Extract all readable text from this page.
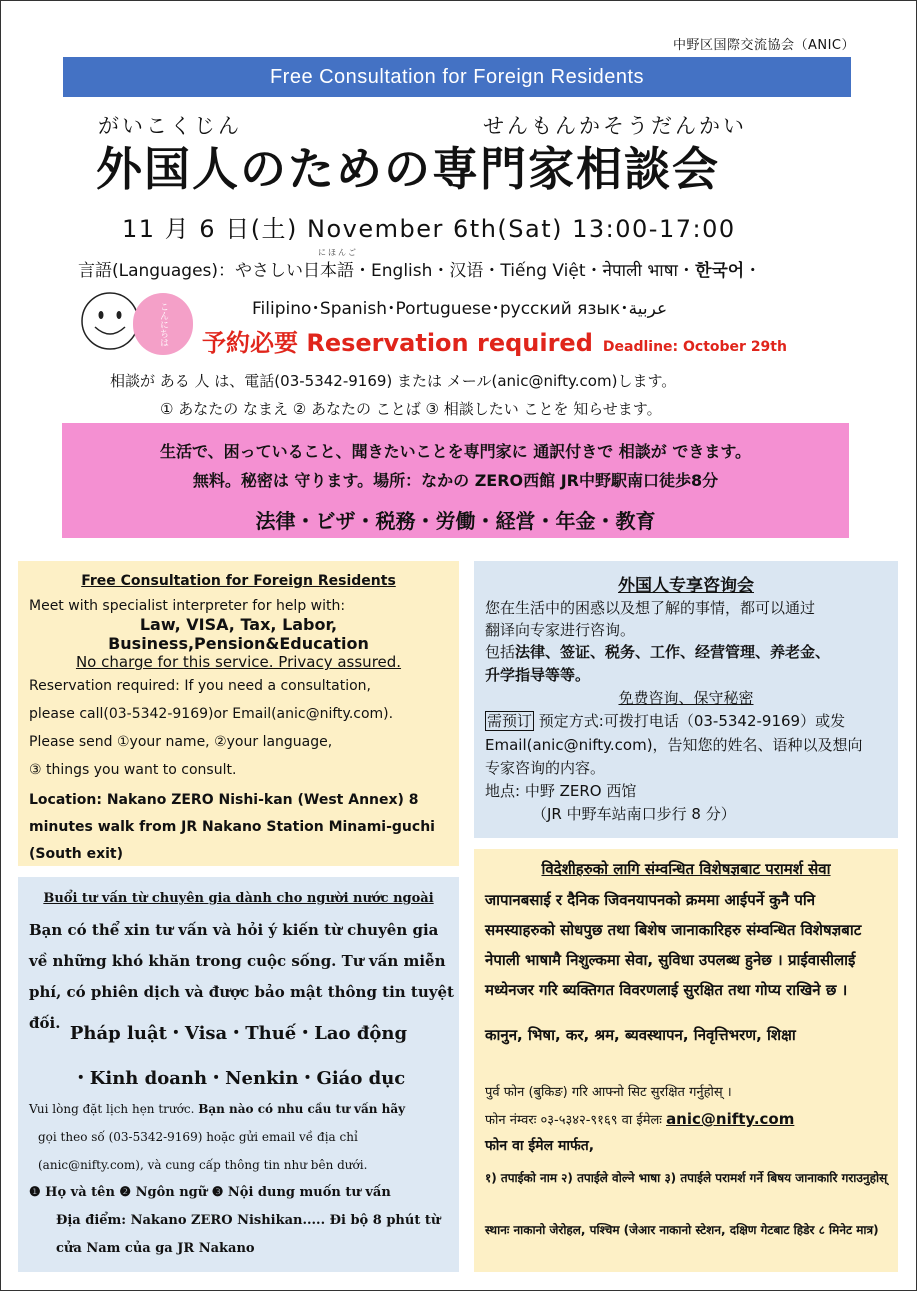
中野区国際交流協会（ANIC）
Free Consultation for Foreign Residents
がいこくじん	せんもんかそうだんかい
外国人のための専門家相談会
11 月 6 日(土) November 6th(Sat) 13:00-17:00
にほんご
言語(Languages)：やさしい日本語・English・汉语・Tiếng Việt・नेपाली भाषा・한국어・
こんにちは	Filipino･Spanish･Portuguese･русский язык･عربية
予約必要 Reservation required Deadline: October 29th
相談が ある 人 は、電話(03-5342-9169) または メール(anic@nifty.com)します。
① あなたの なまえ ② あなたの ことば ③ 相談したい ことを 知らせます。
生活で、困っていること、聞きたいことを専門家に 通訳付きで 相談が できます。
無料。秘密は 守ります。場所：なかの ZERO西館 JR中野駅南口徒歩8分
法律・ビザ・税務・労働・経営・年金・教育
Free Consultation for Foreign Residents
Meet with specialist interpreter for help with:
Law, VISA, Tax, Labor,
Business,Pension&Education
No charge for this service. Privacy assured.
Reservation required: If you need a consultation,
please call(03-5342-9169)or Email(anic@nifty.com).
Please send ①your name, ②your language,
③ things you want to consult.
Location: Nakano ZERO Nishi-kan (West Annex) 8 minutes walk from JR Nakano Station Minami-guchi (South exit)
外国人专享咨询会
您在生活中的困惑以及想了解的事情，都可以通过
翻译向专家进行咨询。
包括法律、签证、税务、工作、经营管理、养老金、
升学指导等等。
免费咨询、保守秘密
需预订 预定方式:可拨打电话（03-5342-9169）或发
Email(anic@nifty.com)，告知您的姓名、语种以及想向
专家咨询的内容。
地点: 中野 ZERO 西馆
（JR 中野车站南口步行 8 分）
Buổi tư vấn từ chuyên gia dành cho người nước ngoài
Bạn có thể xin tư vấn và hỏi ý kiến từ chuyên gia về những khó khăn trong cuộc sống. Tư vấn miễn phí, có phiên dịch và được bảo mật thông tin tuyệt đối. Pháp luật・Visa・Thuế・Lao động
・Kinh doanh・Nenkin・Giáo dục
Vui lòng đặt lịch hẹn trước. Bạn nào có nhu cầu tư vấn hãy
gọi theo số (03-5342-9169) hoặc gửi email về địa chỉ
(anic@nifty.com), và cung cấp thông tin như bên dưới.
❶ Họ và tên ❷ Ngôn ngữ ❸ Nội dung muốn tư vấn
Địa điểm: Nakano ZERO Nishikan..... Đi bộ 8 phút từ cửa Nam của ga JR Nakano
विदेशीहरुको लागि संम्वन्धित विशेषज्ञबाट परामर्श सेवा
जापानबसाई र दैनिक जिवनयापनको क्रममा आईपर्ने कुनै पनि समस्याहरुको सोधपुछ तथा बिशेष जानाकारिहरु संम्वन्धित विशेषज्ञबाट नेपाली भाषामै निशुल्कमा सेवा, सुविधा उपलब्ध हुनेछ । प्राईवासीलाई मध्येनजर गरि ब्यक्तिगत विवरणलाई सुरक्षित तथा गोप्य राखिने छ ।
कानुन, भिषा, कर, श्रम, ब्यवस्थापन, निवृत्तिभरण, शिक्षा
पुर्व फोन (बुकिङ) गरि आफ्नो सिट सुरक्षित गर्नुहोस् ।
फोन नंम्वरः ०३-५३४२-९१६९ वा ईमेलः anic@nifty.com
फोन वा ईमेल मार्फत,
१) तपाईको नाम २) तपाईले वोल्ने भाषा ३) तपाईले परामर्श गर्ने बिषय जानाकारि गराउनुहोस्
स्थानः नाकानो जेरोहल, पश्चिम (जेआर नाकानो स्टेशन, दक्षिण गेटबाट हिडेर ८ मिनेट मात्र)
